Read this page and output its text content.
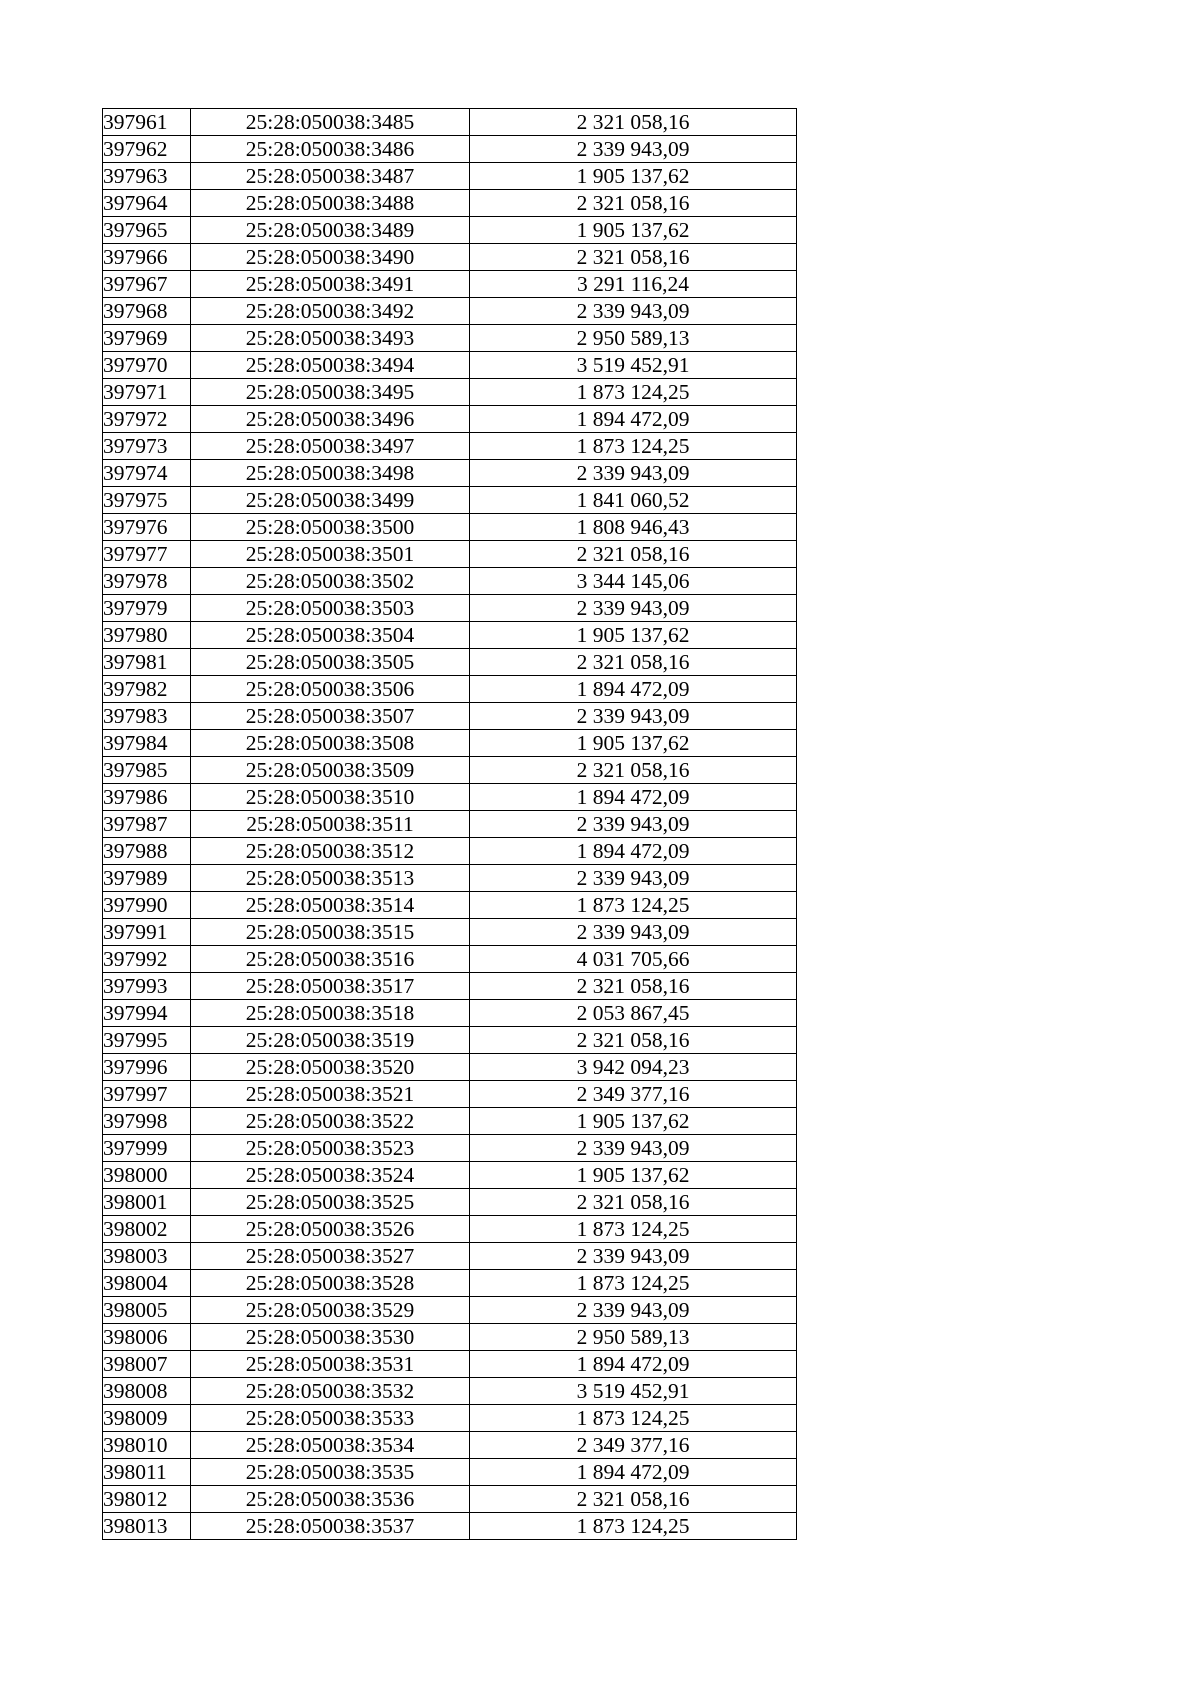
397961	25:28:050038:3485	2 321 058,16
397962	25:28:050038:3486	2 339 943,09
397963	25:28:050038:3487	1 905 137,62
397964	25:28:050038:3488	2 321 058,16
397965	25:28:050038:3489	1 905 137,62
397966	25:28:050038:3490	2 321 058,16
397967	25:28:050038:3491	3 291 116,24
397968	25:28:050038:3492	2 339 943,09
397969	25:28:050038:3493	2 950 589,13
397970	25:28:050038:3494	3 519 452,91
397971	25:28:050038:3495	1 873 124,25
397972	25:28:050038:3496	1 894 472,09
397973	25:28:050038:3497	1 873 124,25
397974	25:28:050038:3498	2 339 943,09
397975	25:28:050038:3499	1 841 060,52
397976	25:28:050038:3500	1 808 946,43
397977	25:28:050038:3501	2 321 058,16
397978	25:28:050038:3502	3 344 145,06
397979	25:28:050038:3503	2 339 943,09
397980	25:28:050038:3504	1 905 137,62
397981	25:28:050038:3505	2 321 058,16
397982	25:28:050038:3506	1 894 472,09
397983	25:28:050038:3507	2 339 943,09
397984	25:28:050038:3508	1 905 137,62
397985	25:28:050038:3509	2 321 058,16
397986	25:28:050038:3510	1 894 472,09
397987	25:28:050038:3511	2 339 943,09
397988	25:28:050038:3512	1 894 472,09
397989	25:28:050038:3513	2 339 943,09
397990	25:28:050038:3514	1 873 124,25
397991	25:28:050038:3515	2 339 943,09
397992	25:28:050038:3516	4 031 705,66
397993	25:28:050038:3517	2 321 058,16
397994	25:28:050038:3518	2 053 867,45
397995	25:28:050038:3519	2 321 058,16
397996	25:28:050038:3520	3 942 094,23
397997	25:28:050038:3521	2 349 377,16
397998	25:28:050038:3522	1 905 137,62
397999	25:28:050038:3523	2 339 943,09
398000	25:28:050038:3524	1 905 137,62
398001	25:28:050038:3525	2 321 058,16
398002	25:28:050038:3526	1 873 124,25
398003	25:28:050038:3527	2 339 943,09
398004	25:28:050038:3528	1 873 124,25
398005	25:28:050038:3529	2 339 943,09
398006	25:28:050038:3530	2 950 589,13
398007	25:28:050038:3531	1 894 472,09
398008	25:28:050038:3532	3 519 452,91
398009	25:28:050038:3533	1 873 124,25
398010	25:28:050038:3534	2 349 377,16
398011	25:28:050038:3535	1 894 472,09
398012	25:28:050038:3536	2 321 058,16
398013	25:28:050038:3537	1 873 124,25
